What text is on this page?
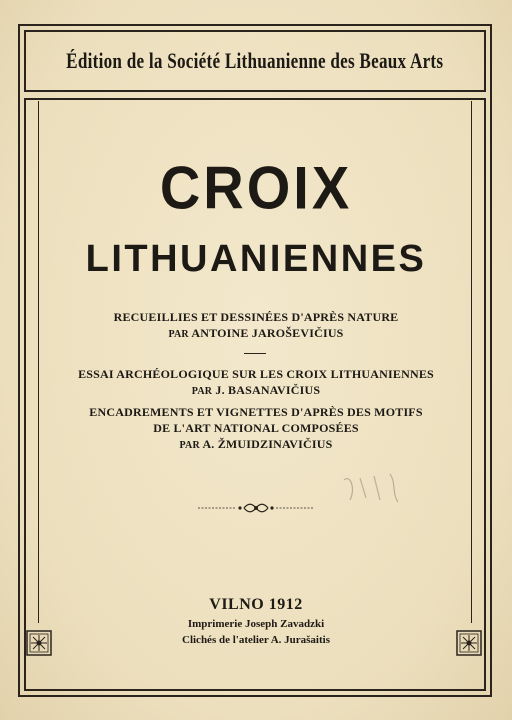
Édition de la Société Lithuanienne des Beaux Arts
CROIX
LITHUANIENNES
RECUEILLIES ET DESSINÉES D'APRÈS NATURE
PAR ANTOINE JAROŠEVIČIUS
ESSAI ARCHÉOLOGIQUE SUR LES CROIX LITHUANIENNES
PAR J. BASANAVIČIUS
ENCADREMENTS ET VIGNETTES D'APRÈS DES MOTIFS
DE L'ART NATIONAL COMPOSÉES
PAR A. ŽMUIDZINAVIČIUS
VILNO 1912
Imprimerie Joseph Zavadzki
Clichés de l'atelier A. Jurašaitis
